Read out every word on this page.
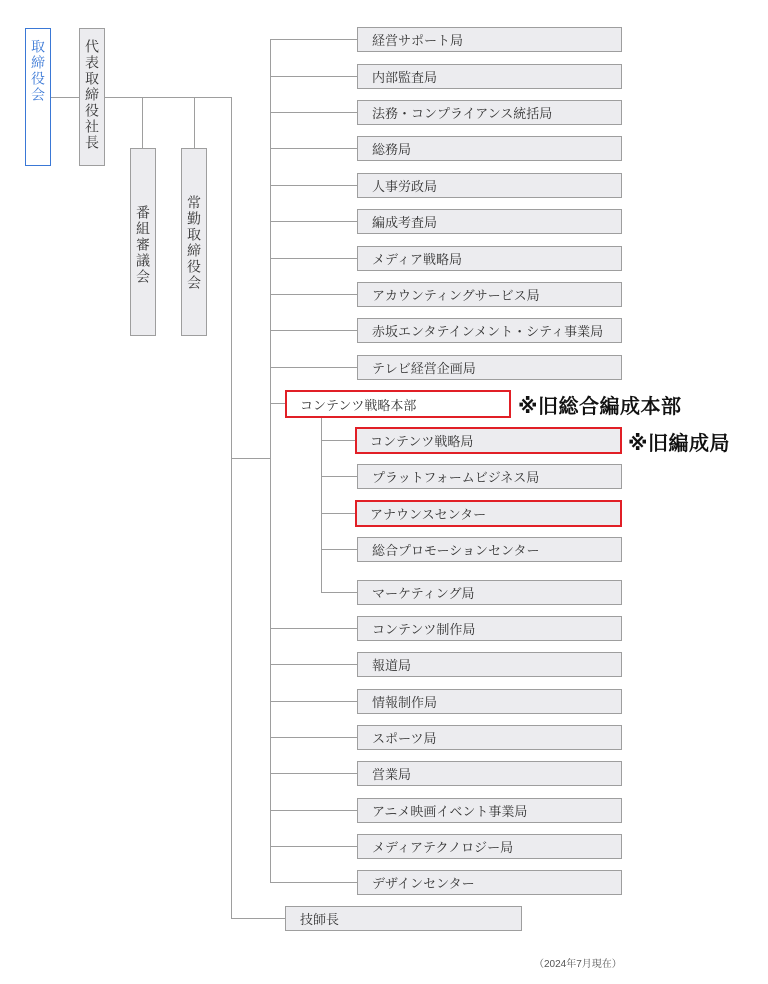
取締役会	代表取締役社長
番組審議会	常勤取締役会
経営サポート局
内部監査局
法務・コンプライアンス統括局
総務局
人事労政局
編成考査局
メディア戦略局
アカウンティングサービス局
赤坂エンタテインメント・シティ事業局
テレビ経営企画局
コンテンツ戦略本部	※旧総合編成本部
コンテンツ戦略局	※旧編成局
プラットフォームビジネス局
アナウンスセンター
総合プロモーションセンター
マーケティング局
コンテンツ制作局
報道局
情報制作局
スポーツ局
営業局
アニメ映画イベント事業局
メディアテクノロジー局
デザインセンター
技師長
（2024年7月現在）
